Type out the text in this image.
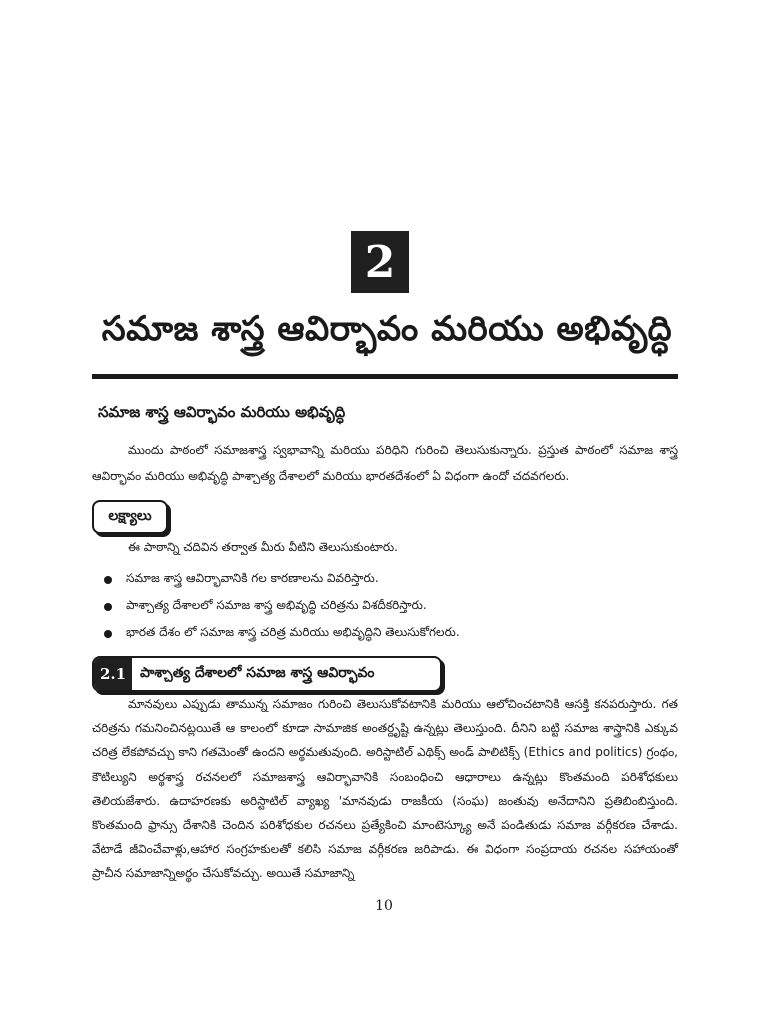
2
సమాజ శాస్త్ర ఆవిర్భావం మరియు అభివృద్ధి
సమాజ శాస్త్ర ఆవిర్భావం మరియు అభివృద్ధి
ముందు పాఠంలో సమాజశాస్త్ర స్వభావాన్ని మరియు పరిధిని గురించి తెలుసుకున్నారు. ప్రస్తుత పాఠంలో సమాజ శాస్త్ర ఆవిర్భావం మరియు అభివృద్ధి పాశ్చాత్య దేశాలలో మరియు భారతదేశంలో ఏ విధంగా ఉందో చదవగలరు.
లక్ష్యాలు
ఈ పాఠాన్ని చదివిన తర్వాత మీరు వీటిని తెలుసుకుంటారు.
సమాజ శాస్త్ర ఆవిర్భావానికి గల కారణాలను వివరిస్తారు.
పాశ్చాత్య దేశాలలో సమాజ శాస్త్ర అభివృద్ధి చరిత్రను విశదీకరిస్తారు.
భారత దేశం లో సమాజ శాస్త్ర చరిత్ర మరియు అభివృద్ధిని తెలుసుకోగలరు.
2.1 పాశ్చాత్య దేశాలలో సమాజ శాస్త్ర ఆవిర్భావం

మానవులు ఎప్పుడు తామున్న సమాజం గురించి తెలుసుకోవటానికి మరియు ఆలోచించటానికి ఆసక్తి కనపరుస్తారు. గత చరిత్రను గమనించినట్లయితే ఆ కాలంలో కూడా సామాజిక అంతర్దృష్టి ఉన్నట్లు తెలుస్తుంది. దీనిని బట్టి సమాజ శాస్త్రానికి ఎక్కువ చరిత్ర లేకపోవచ్చు కాని గతమెంతో ఉందని అర్థమతువుంది. అరిస్టాటిల్ ఎథిక్స్ అండ్ పాలిటిక్స్ (Ethics and politics) గ్రంథం, కౌటిల్యుని అర్థశాస్త్ర రచనలలో సమాజశాస్త్ర ఆవిర్భావానికి సంబంధించి ఆధారాలు ఉన్నట్లు కొంతమంది పరిశోధకులు తెలియజేశారు. ఉదాహరణకు అరిస్టాటిల్ వ్యాఖ్య 'మానవుడు రాజకీయ (సంఘ) జంతువు అనేదానిని ప్రతిబింబిస్తుంది. కొంతమంది ఫ్రాన్సు దేశానికి చెందిన పరిశోధకుల రచనలు ప్రత్యేకించి మాంటెస్క్యూ అనే పండితుడు సమాజ వర్గీకరణ చేశాడు. వేటాడే జీవించేవాళ్లు,ఆహార సంగ్రహకులతో కలిసి సమాజ వర్గీకరణ జరిపాడు. ఈ విధంగా సంప్రదాయ రచనల సహాయంతో ప్రాచీన సమాజాన్నిఅర్థం చేసుకోవచ్చు. అయితే సమాజాన్ని

10
